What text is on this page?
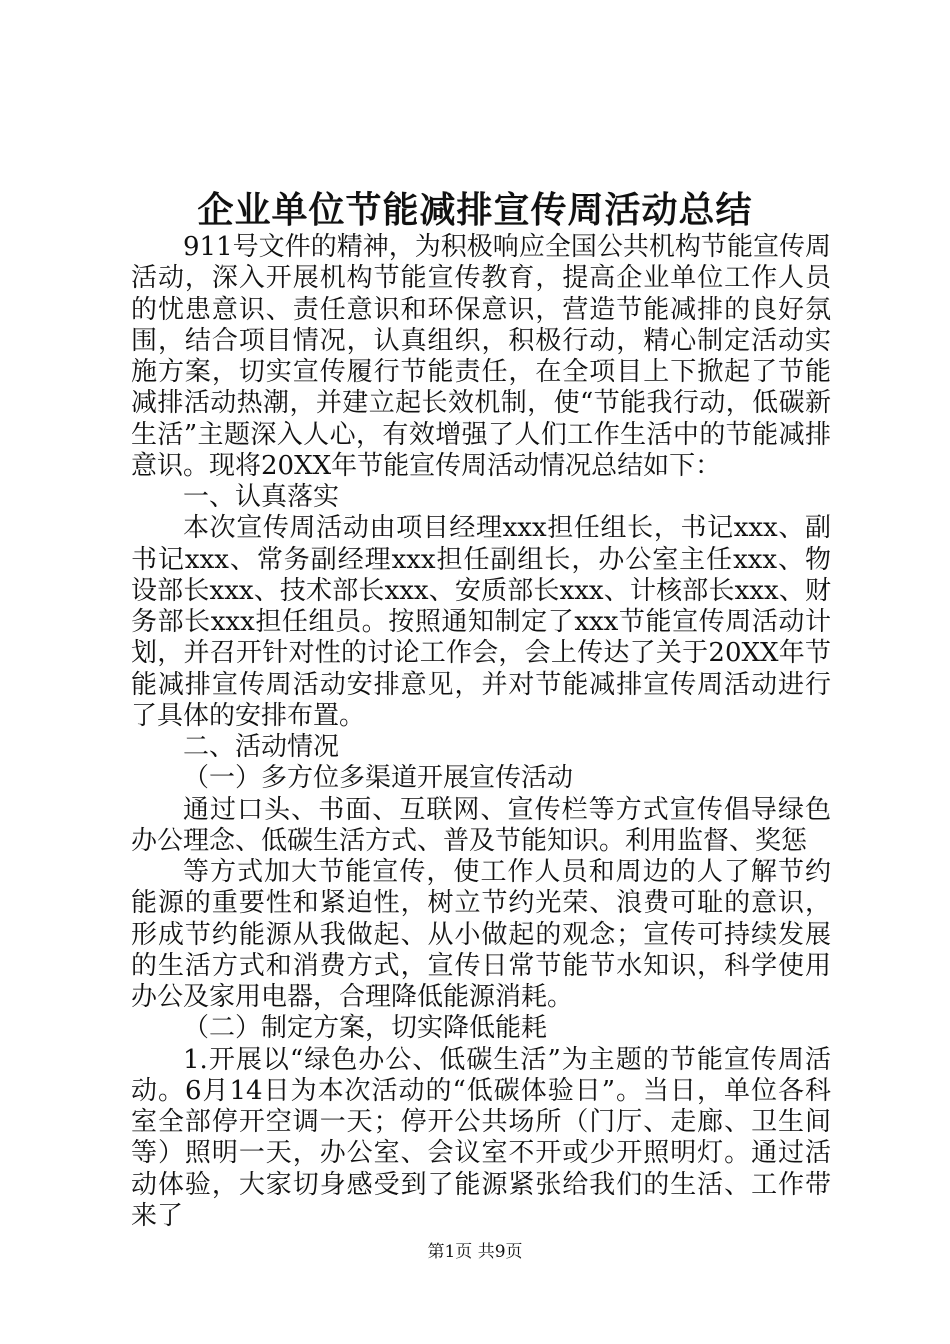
企业单位节能减排宣传周活动总结

911号文件的精神，为积极响应全国公共机构节能宣传周活动，深入开展机构节能宣传教育，提高企业单位工作人员的忧患意识、责任意识和环保意识，营造节能减排的良好氛围，结合项目情况，认真组织，积极行动，精心制定活动实施方案，切实宣传履行节能责任，在全项目上下掀起了节能减排活动热潮，并建立起长效机制，使“节能我行动，低碳新生活”主题深入人心，有效增强了人们工作生活中的节能减排意识。现将20XX年节能宣传周活动情况总结如下：

一、认真落实

本次宣传周活动由项目经理xxx担任组长，书记xxx、副书记xxx、常务副经理xxx担任副组长，办公室主任xxx、物设部长xxx、技术部长xxx、安质部长xxx、计核部长xxx、财务部长xxx担任组员。按照通知制定了xxx节能宣传周活动计划，并召开针对性的讨论工作会，会上传达了关于20XX年节能减排宣传周活动安排意见，并对节能减排宣传周活动进行了具体的安排布置。

二、活动情况

（一）多方位多渠道开展宣传活动

通过口头、书面、互联网、宣传栏等方式宣传倡导绿色办公理念、低碳生活方式、普及节能知识。利用监督、奖惩

等方式加大节能宣传，使工作人员和周边的人了解节约能源的重要性和紧迫性，树立节约光荣、浪费可耻的意识，形成节约能源从我做起、从小做起的观念；宣传可持续发展的生活方式和消费方式，宣传日常节能节水知识，科学使用办公及家用电器，合理降低能源消耗。

（二）制定方案，切实降低能耗

1.开展以“绿色办公、低碳生活”为主题的节能宣传周活动。6月14日为本次活动的“低碳体验日”。当日，单位各科室全部停开空调一天；停开公共场所（门厅、走廊、卫生间等）照明一天，办公室、会议室不开或少开照明灯。通过活动体验，大家切身感受到了能源紧张给我们的生活、工作带来了

第1页 共9页
